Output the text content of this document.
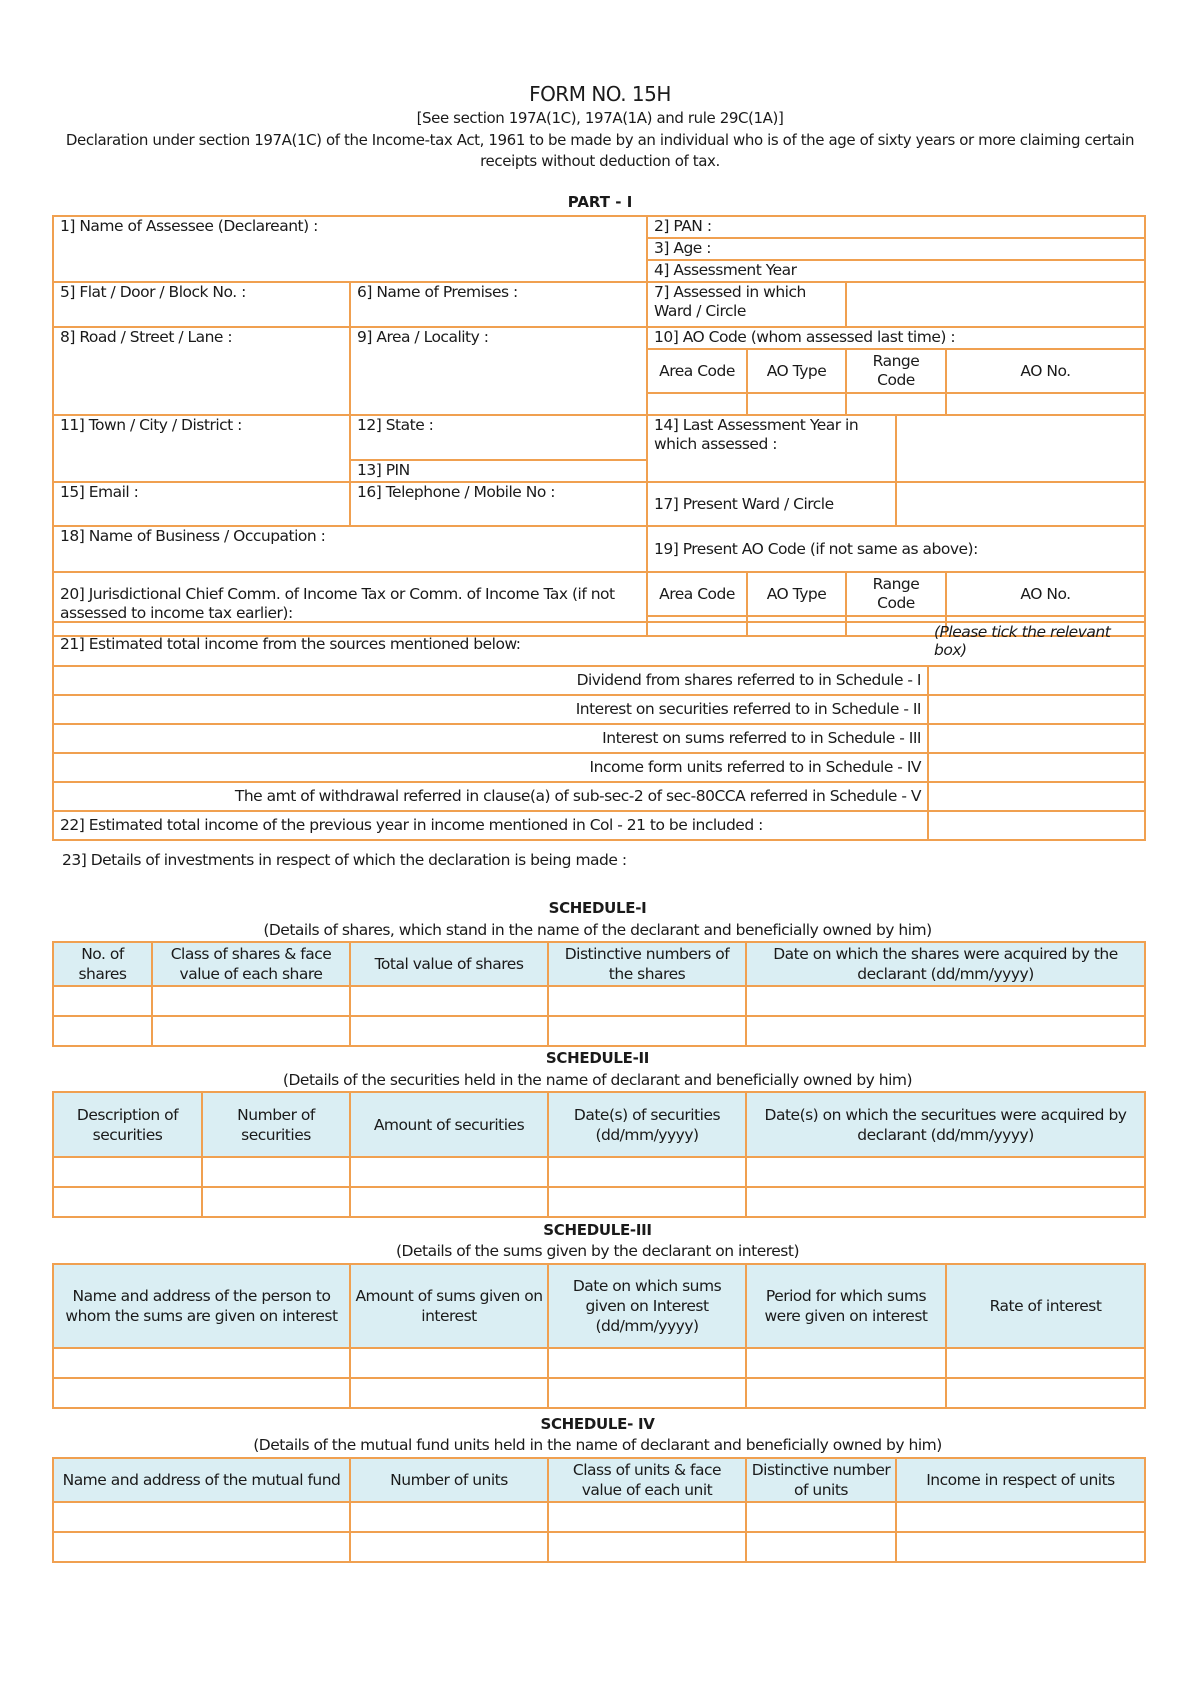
FORM NO. 15H
[See section 197A(1C), 197A(1A) and rule 29C(1A)]
Declaration under section 197A(1C) of the Income-tax Act, 1961 to be made by an individual who is of the age of sixty years or more claiming certain receipts without deduction of tax.
PART - I
1] Name of Assessee (Declareant) :		2] PAN :				
		3] Age :				
		4] Assessment Year				
5] Flat / Door / Block No. :	6] Name of Premises :	7] Assessed in which Ward / Circle				
8] Road / Street / Lane :	9] Area / Locality :	10] AO Code (whom assessed last time) :				
		Area Code	AO Type	Range Code		AO No.

11] Town / City / District :	12] State :	14] Last Assessment Year in which assessed :				
	13] PIN					
15] Email :	16] Telephone / Mobile No :	17] Present Ward / Circle				
18] Name of Business / Occupation :		19] Present AO Code (if not same as above):				
20] Jurisdictional Chief Comm. of Income Tax or Comm. of Income Tax (if not assessed to income tax earlier):		Area Code	AO Type	Range Code		AO No.

21] Estimated total income from the sources mentioned below:	(Please tick the relevant box)
Dividend from shares referred to in Schedule - I	
Interest on securities referred to in Schedule - II	
Interest on sums referred to in Schedule - III	
Income form units referred to in Schedule - IV	
The amt of withdrawal referred in clause(a) of sub-sec-2 of sec-80CCA referred in Schedule - V	
22] Estimated total income of the previous year in income mentioned in Col - 21 to be included :	
23] Details of investments in respect of which the declaration is being made :
SCHEDULE-I
(Details of shares, which stand in the name of the declarant and beneficially owned by him)
No. of shares	Class of shares & face value of each share	Total value of shares	Distinctive numbers of the shares	Date on which the shares were acquired by the declarant (dd/mm/yyyy)

SCHEDULE-II
(Details of the securities held in the name of declarant and beneficially owned by him)
Description of securities	Number of securities	Amount of securities	Date(s) of securities (dd/mm/yyyy)	Date(s) on which the securitues were acquired by declarant (dd/mm/yyyy)

SCHEDULE-III
(Details of the sums given by the declarant on interest)
Name and address of the person to whom the sums are given on interest	Amount of sums given on interest	Date on which sums given on Interest (dd/mm/yyyy)	Period for which sums were given on interest	Rate of interest

SCHEDULE- IV
(Details of the mutual fund units held in the name of declarant and beneficially owned by him)
Name and address of the mutual fund	Number of units	Class of units & face value of each unit	Distinctive number of units	Income in respect of units
